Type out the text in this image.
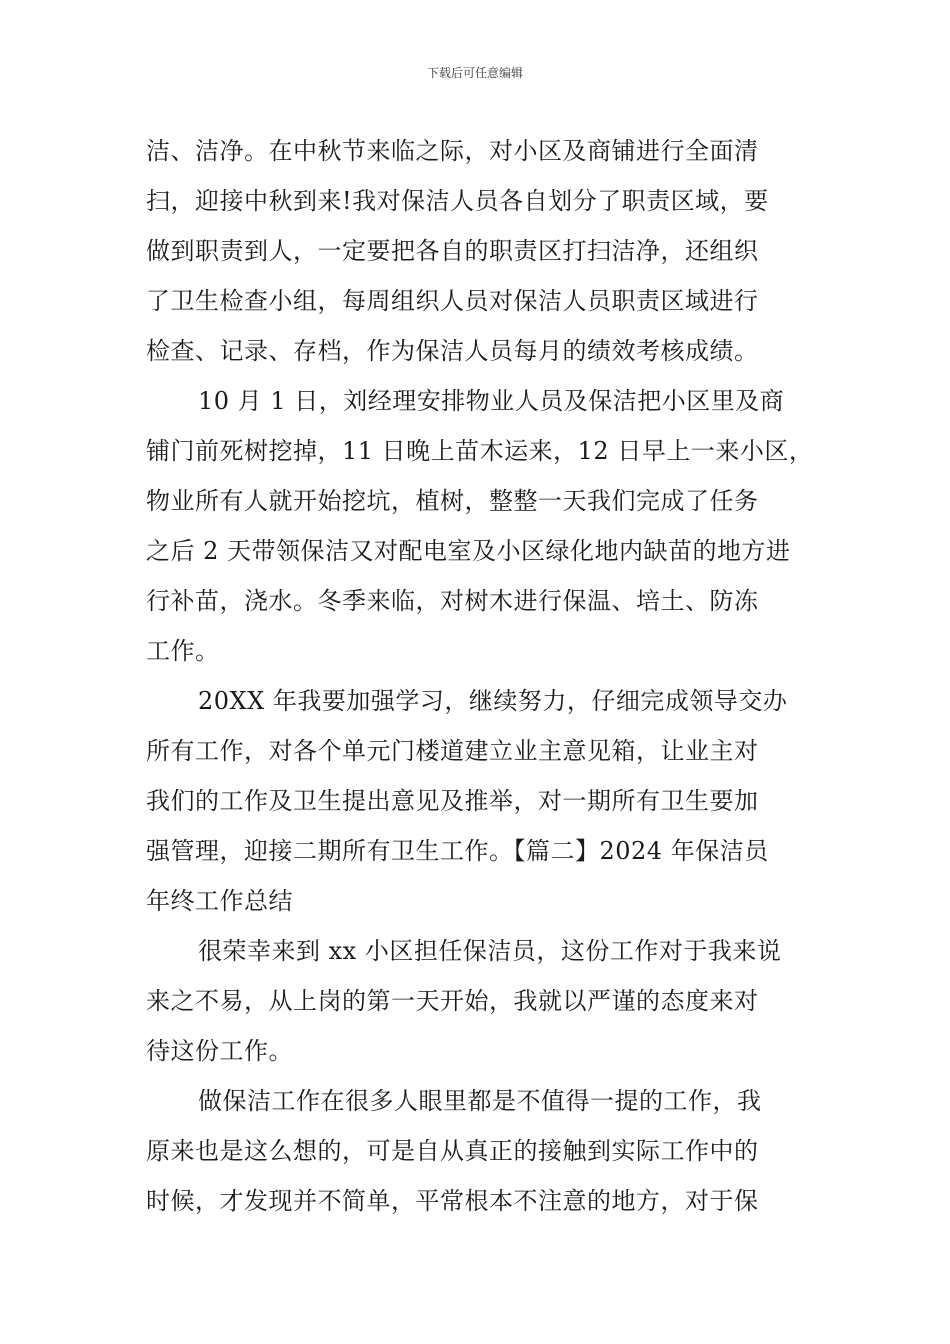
下载后可任意编辑
洁、洁净。在中秋节来临之际，对小区及商铺进行全面清
扫，迎接中秋到来!我对保洁人员各自划分了职责区域，要
做到职责到人，一定要把各自的职责区打扫洁净，还组织
了卫生检查小组，每周组织人员对保洁人员职责区域进行
检查、记录、存档，作为保洁人员每月的绩效考核成绩。
10 月 1 日，刘经理安排物业人员及保洁把小区里及商
铺门前死树挖掉，11 日晚上苗木运来，12 日早上一来小区，
物业所有人就开始挖坑，植树，整整一天我们完成了任务
之后 2 天带领保洁又对配电室及小区绿化地内缺苗的地方进
行补苗，浇水。冬季来临，对树木进行保温、培土、防冻
工作。
20XX 年我要加强学习，继续努力，仔细完成领导交办
所有工作，对各个单元门楼道建立业主意见箱，让业主对
我们的工作及卫生提出意见及推举，对一期所有卫生要加
强管理，迎接二期所有卫生工作。【篇二】2024 年保洁员
年终工作总结
很荣幸来到 xx 小区担任保洁员，这份工作对于我来说
来之不易，从上岗的第一天开始，我就以严谨的态度来对
待这份工作。
做保洁工作在很多人眼里都是不值得一提的工作，我
原来也是这么想的，可是自从真正的接触到实际工作中的
时候，才发现并不简单，平常根本不注意的地方，对于保
